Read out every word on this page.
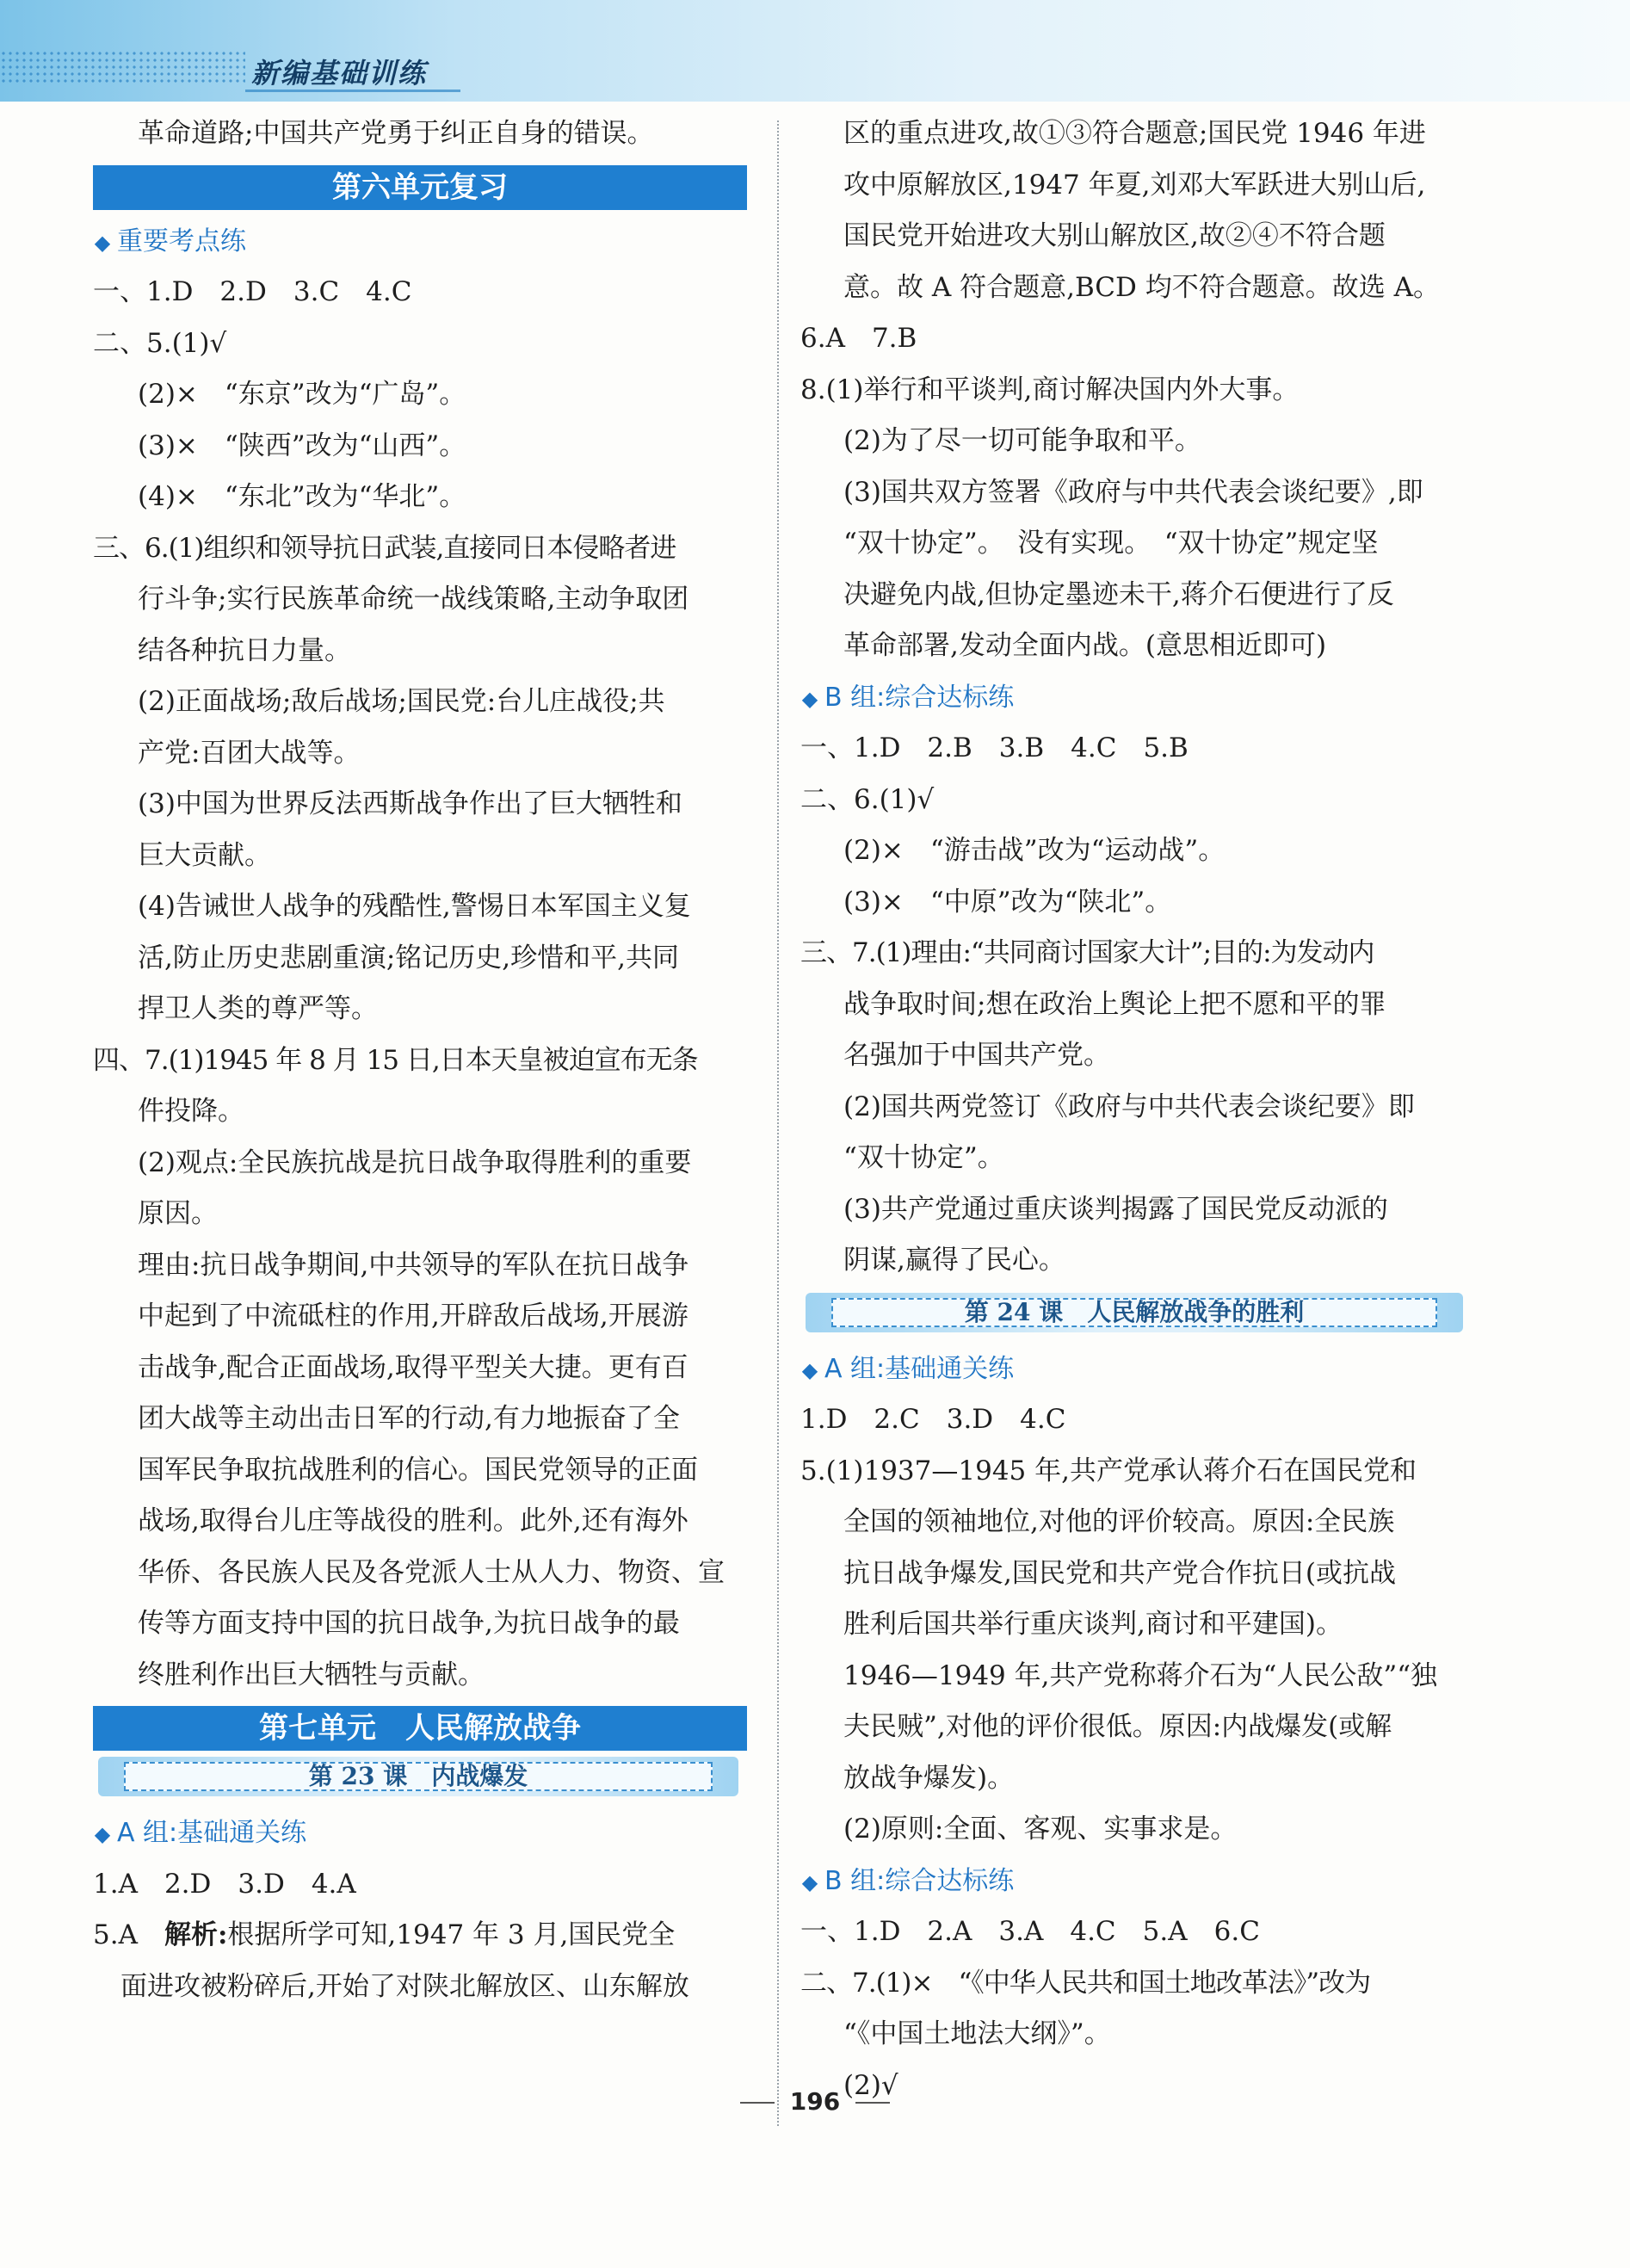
新编基础训练
革命道路;中国共产党勇于纠正自身的错误。
第六单元复习
◆ 重要考点练
一、1.D　2.D　3.C　4.C
二、5.(1)√
(2)×　“东京”改为“广岛”。
(3)×　“陕西”改为“山西”。
(4)×　“东北”改为“华北”。
三、6.(1)组织和领导抗日武装,直接同日本侵略者进
行斗争;实行民族革命统一战线策略,主动争取团
结各种抗日力量。
(2)正面战场;敌后战场;国民党:台儿庄战役;共
产党:百团大战等。
(3)中国为世界反法西斯战争作出了巨大牺牲和
巨大贡献。
(4)告诫世人战争的残酷性,警惕日本军国主义复
活,防止历史悲剧重演;铭记历史,珍惜和平,共同
捍卫人类的尊严等。
四、7.(1)1945 年 8 月 15 日,日本天皇被迫宣布无条
件投降。
(2)观点:全民族抗战是抗日战争取得胜利的重要
原因。
理由:抗日战争期间,中共领导的军队在抗日战争
中起到了中流砥柱的作用,开辟敌后战场,开展游
击战争,配合正面战场,取得平型关大捷。更有百
团大战等主动出击日军的行动,有力地振奋了全
国军民争取抗战胜利的信心。国民党领导的正面
战场,取得台儿庄等战役的胜利。此外,还有海外
华侨、各民族人民及各党派人士从人力、物资、宣
传等方面支持中国的抗日战争,为抗日战争的最
终胜利作出巨大牺牲与贡献。
第七单元　人民解放战争
第 23 课　内战爆发
◆ A 组:基础通关练
1.A　2.D　3.D　4.A
5.A　解析:根据所学可知,1947 年 3 月,国民党全
面进攻被粉碎后,开始了对陕北解放区、山东解放
区的重点进攻,故①③符合题意;国民党 1946 年进
攻中原解放区,1947 年夏,刘邓大军跃进大别山后,
国民党开始进攻大别山解放区,故②④不符合题
意。故 A 符合题意,BCD 均不符合题意。故选 A。
6.A　7.B
8.(1)举行和平谈判,商讨解决国内外大事。
(2)为了尽一切可能争取和平。
(3)国共双方签署《政府与中共代表会谈纪要》,即
“双十协定”。　没有实现。　“双十协定”规定坚
决避免内战,但协定墨迹未干,蒋介石便进行了反
革命部署,发动全面内战。(意思相近即可)
◆ B 组:综合达标练
一、1.D　2.B　3.B　4.C　5.B
二、6.(1)√
(2)×　“游击战”改为“运动战”。
(3)×　“中原”改为“陕北”。
三、7.(1)理由:“共同商讨国家大计”;目的:为发动内
战争取时间;想在政治上舆论上把不愿和平的罪
名强加于中国共产党。
(2)国共两党签订《政府与中共代表会谈纪要》即
“双十协定”。
(3)共产党通过重庆谈判揭露了国民党反动派的
阴谋,赢得了民心。
第 24 课　人民解放战争的胜利
◆ A 组:基础通关练
1.D　2.C　3.D　4.C
5.(1)1937—1945 年,共产党承认蒋介石在国民党和
全国的领袖地位,对他的评价较高。原因:全民族
抗日战争爆发,国民党和共产党合作抗日(或抗战
胜利后国共举行重庆谈判,商讨和平建国)。
1946—1949 年,共产党称蒋介石为“人民公敌”“独
夫民贼”,对他的评价很低。原因:内战爆发(或解
放战争爆发)。
(2)原则:全面、客观、实事求是。
◆ B 组:综合达标练
一、1.D　2.A　3.A　4.C　5.A　6.C
二、7.(1)×　“《中华人民共和国土地改革法》”改为
“《中国土地法大纲》”。
(2)√
196
